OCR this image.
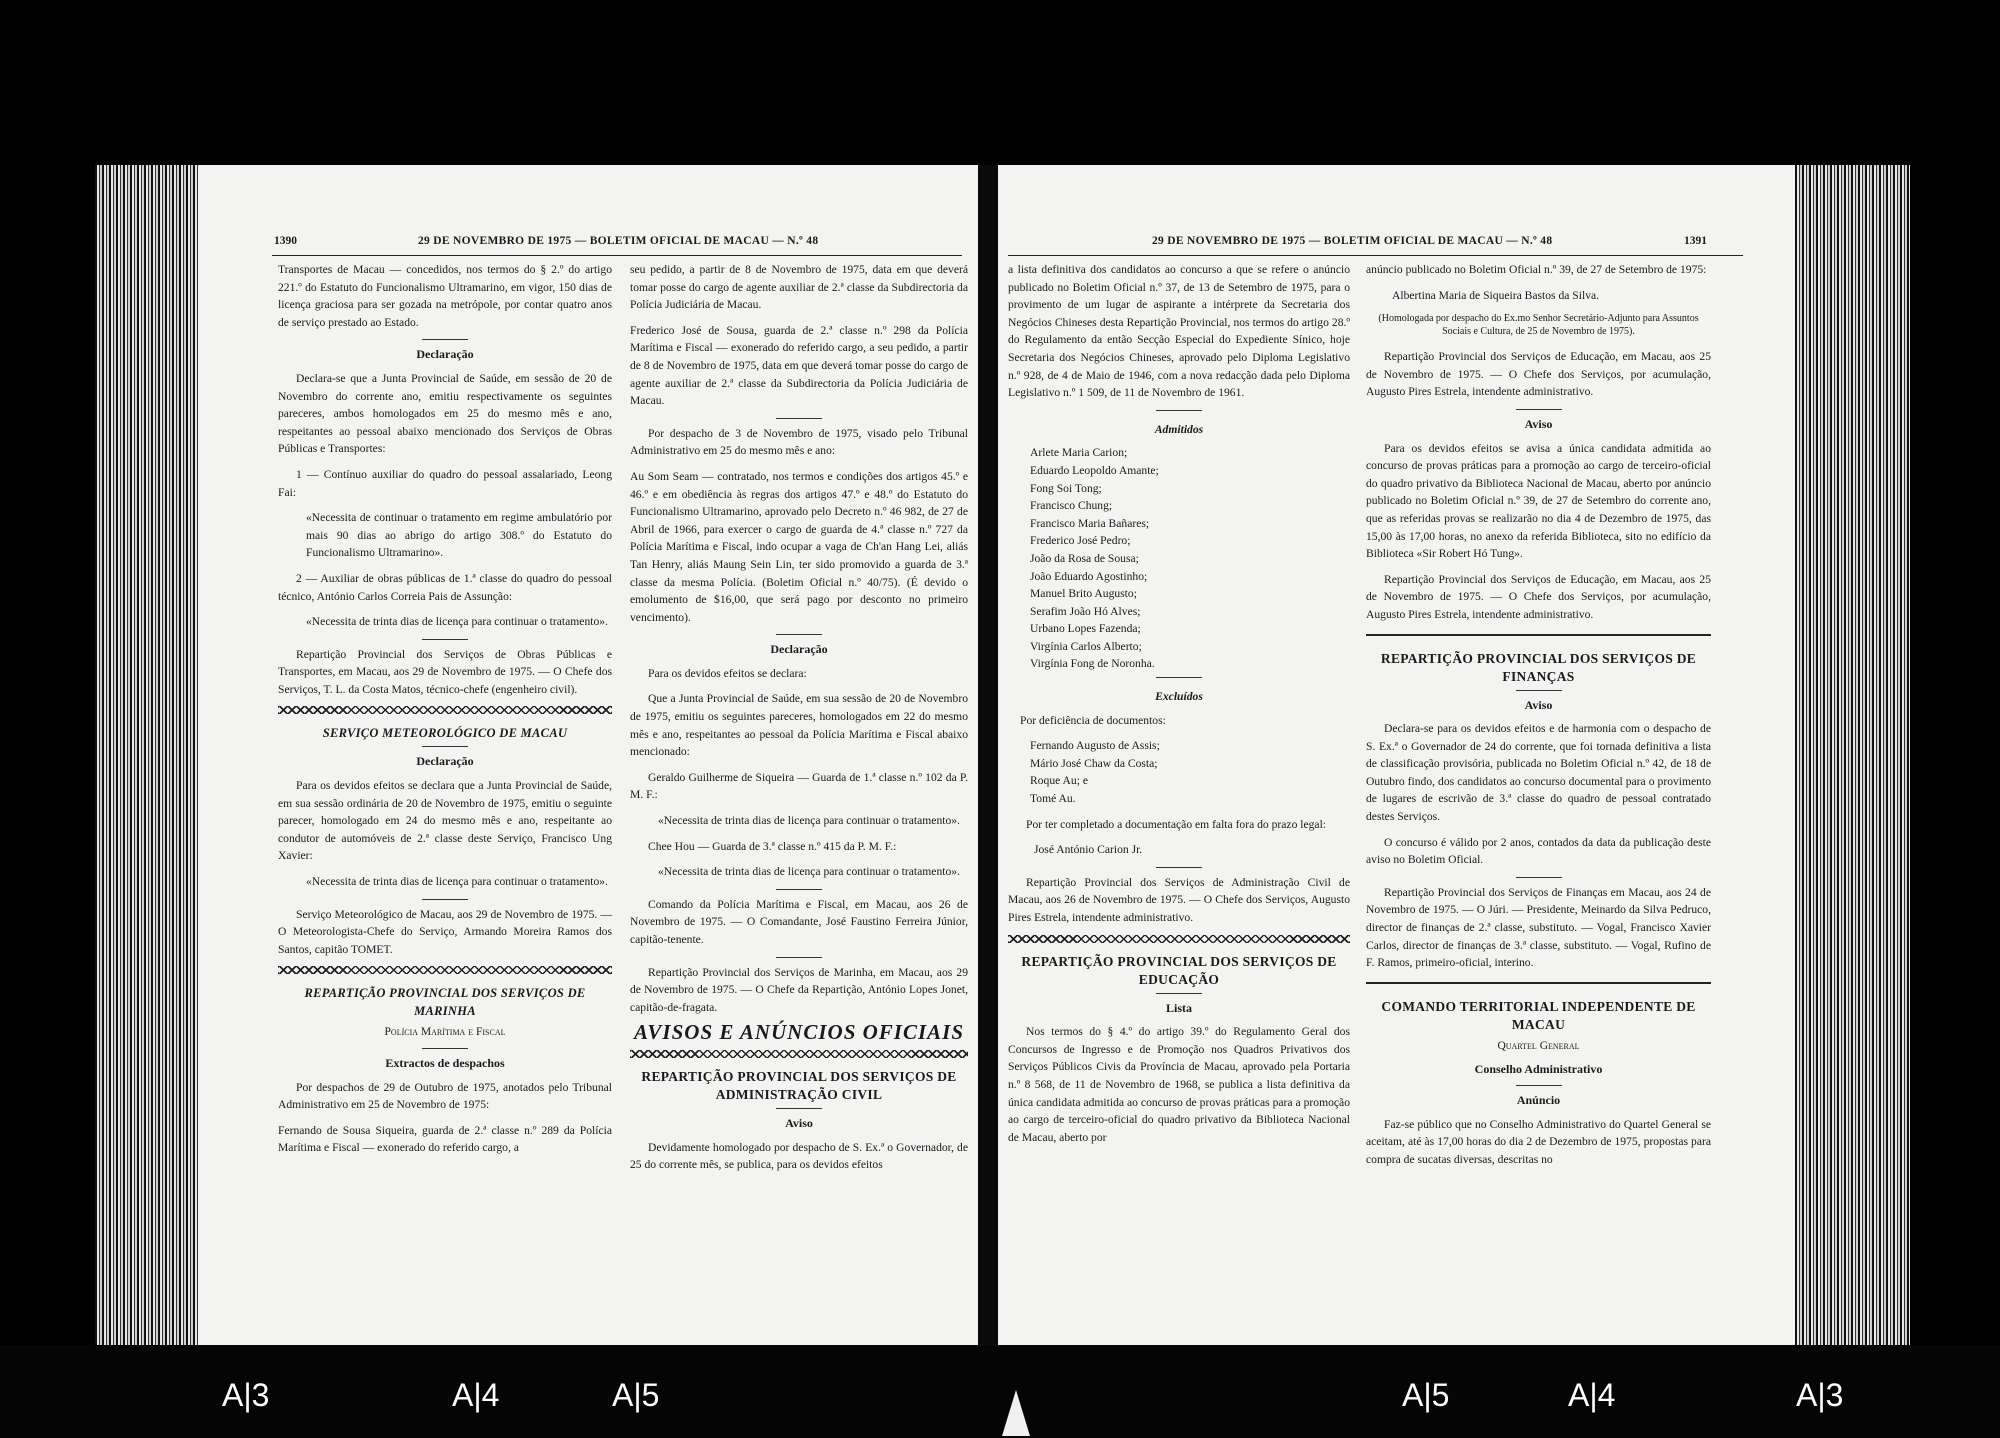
1390	29 DE NOVEMBRO DE 1975 — BOLETIM OFICIAL DE MACAU — N.º 48

Transportes de Macau — concedidos, nos termos do § 2.º do artigo 221.º do Estatuto do Funcionalismo Ultramarino, em vigor, 150 dias de licença graciosa para ser gozada na metrópole, por contar quatro anos de serviço prestado ao Estado.

Declaração

Declara-se que a Junta Provincial de Saúde, em sessão de 20 de Novembro do corrente ano, emitiu respectivamente os seguintes pareceres, ambos homologados em 25 do mesmo mês e ano, respeitantes ao pessoal abaixo mencionado dos Serviços de Obras Públicas e Transportes:

1 — Contínuo auxiliar do quadro do pessoal assalariado, Leong Fai:

«Necessita de continuar o tratamento em regime ambulatório por mais 90 dias ao abrigo do artigo 308.º do Estatuto do Funcionalismo Ultramarino».

2 — Auxiliar de obras públicas de 1.ª classe do quadro do pessoal técnico, António Carlos Correia Pais de Assunção:

«Necessita de trinta dias de licença para continuar o tratamento».

Repartição Provincial dos Serviços de Obras Públicas e Transportes, em Macau, aos 29 de Novembro de 1975. — O Chefe dos Serviços, T. L. da Costa Matos, técnico-chefe (engenheiro civil).

SERVIÇO METEOROLÓGICO DE MACAU
Declaração

Para os devidos efeitos se declara que a Junta Provincial de Saúde, em sua sessão ordinária de 20 de Novembro de 1975, emitiu o seguinte parecer, homologado em 24 do mesmo mês e ano, respeitante ao condutor de automóveis de 2.ª classe deste Serviço, Francisco Ung Xavier:

«Necessita de trinta dias de licença para continuar o tratamento».

Serviço Meteorológico de Macau, aos 29 de Novembro de 1975. — O Meteorologista-Chefe do Serviço, Armando Moreira Ramos dos Santos, capitão TOMET.

REPARTIÇÃO PROVINCIAL DOS SERVIÇOS DE MARINHA
Polícia Marítima e Fiscal
Extractos de despachos

Por despachos de 29 de Outubro de 1975, anotados pelo Tribunal Administrativo em 25 de Novembro de 1975:

Fernando de Sousa Siqueira, guarda de 2.ª classe n.º 289 da Polícia Marítima e Fiscal — exonerado do referido cargo, a

seu pedido, a partir de 8 de Novembro de 1975, data em que deverá tomar posse do cargo de agente auxiliar de 2.ª classe da Subdirectoria da Polícia Judiciária de Macau.

Frederico José de Sousa, guarda de 2.ª classe n.º 298 da Polícia Marítima e Fiscal — exonerado do referido cargo, a seu pedido, a partir de 8 de Novembro de 1975, data em que deverá tomar posse do cargo de agente auxiliar de 2.ª classe da Subdirectoria da Polícia Judiciária de Macau.

Por despacho de 3 de Novembro de 1975, visado pelo Tribunal Administrativo em 25 do mesmo mês e ano:

Au Som Seam — contratado, nos termos e condições dos artigos 45.º e 46.º e em obediência às regras dos artigos 47.º e 48.º do Estatuto do Funcionalismo Ultramarino, aprovado pelo Decreto n.º 46 982, de 27 de Abril de 1966, para exercer o cargo de guarda de 4.ª classe n.º 727 da Polícia Marítima e Fiscal, indo ocupar a vaga de Ch'an Hang Lei, aliás Tan Henry, aliás Maung Sein Lin, ter sido promovido a guarda de 3.ª classe da mesma Polícia. (Boletim Oficial n.º 40/75). (É devido o emolumento de $16,00, que será pago por desconto no primeiro vencimento).

Declaração

Para os devidos efeitos se declara:

Que a Junta Provincial de Saúde, em sua sessão de 20 de Novembro de 1975, emitiu os seguintes pareceres, homologados em 22 do mesmo mês e ano, respeitantes ao pessoal da Polícia Marítima e Fiscal abaixo mencionado:

Geraldo Guilherme de Siqueira — Guarda de 1.ª classe n.º 102 da P. M. F.:

«Necessita de trinta dias de licença para continuar o tratamento».

Chee Hou — Guarda de 3.ª classe n.º 415 da P. M. F.:

«Necessita de trinta dias de licença para continuar o tratamento».

Comando da Polícia Marítima e Fiscal, em Macau, aos 26 de Novembro de 1975. — O Comandante, José Faustino Ferreira Júnior, capitão-tenente.

Repartição Provincial dos Serviços de Marinha, em Macau, aos 29 de Novembro de 1975. — O Chefe da Repartição, António Lopes Jonet, capitão-de-fragata.

AVISOS E ANÚNCIOS OFICIAIS
REPARTIÇÃO PROVINCIAL DOS SERVIÇOS DE ADMINISTRAÇÃO CIVIL
Aviso

Devidamente homologado por despacho de S. Ex.ª o Governador, de 25 do corrente mês, se publica, para os devidos efeitos

29 DE NOVEMBRO DE 1975 — BOLETIM OFICIAL DE MACAU — N.º 48	1391

a lista definitiva dos candidatos ao concurso a que se refere o anúncio publicado no Boletim Oficial n.º 37, de 13 de Setembro de 1975, para o provimento de um lugar de aspirante a intérprete da Secretaria dos Negócios Chineses desta Repartição Provincial, nos termos do artigo 28.º do Regulamento da então Secção Especial do Expediente Sínico, hoje Secretaria dos Negócios Chineses, aprovado pelo Diploma Legislativo n.º 928, de 4 de Maio de 1946, com a nova redacção dada pelo Diploma Legislativo n.º 1 509, de 11 de Novembro de 1961.

Admitidos
Arlete Maria Carion;
Eduardo Leopoldo Amante;
Fong Soi Tong;
Francisco Chung;
Francisco Maria Bañares;
Frederico José Pedro;
João da Rosa de Sousa;
João Eduardo Agostinho;
Manuel Brito Augusto;
Serafim João Hó Alves;
Urbano Lopes Fazenda;
Virgínia Carlos Alberto;
Virgínia Fong de Noronha.
Excluídos

Por deficiência de documentos:

Fernando Augusto de Assis;
Mário José Chaw da Costa;
Roque Au; e
Tomé Au.

Por ter completado a documentação em falta fora do prazo legal:

José António Carion Jr.

Repartição Provincial dos Serviços de Administração Civil de Macau, aos 26 de Novembro de 1975. — O Chefe dos Serviços, Augusto Pires Estrela, intendente administrativo.

REPARTIÇÃO PROVINCIAL DOS SERVIÇOS DE EDUCAÇÃO
Lista

Nos termos do § 4.º do artigo 39.º do Regulamento Geral dos Concursos de Ingresso e de Promoção nos Quadros Privativos dos Serviços Públicos Civis da Província de Macau, aprovado pela Portaria n.º 8 568, de 11 de Novembro de 1968, se publica a lista definitiva da única candidata admitida ao concurso de provas práticas para a promoção ao cargo de terceiro-oficial do quadro privativo da Biblioteca Nacional de Macau, aberto por

anúncio publicado no Boletim Oficial n.º 39, de 27 de Setembro de 1975:

Albertina Maria de Siqueira Bastos da Silva.

(Homologada por despacho do Ex.mo Senhor Secretário-Adjunto para Assuntos Sociais e Cultura, de 25 de Novembro de 1975).

Repartição Provincial dos Serviços de Educação, em Macau, aos 25 de Novembro de 1975. — O Chefe dos Serviços, por acumulação, Augusto Pires Estrela, intendente administrativo.

Aviso

Para os devidos efeitos se avisa a única candidata admitida ao concurso de provas práticas para a promoção ao cargo de terceiro-oficial do quadro privativo da Biblioteca Nacional de Macau, aberto por anúncio publicado no Boletim Oficial n.º 39, de 27 de Setembro do corrente ano, que as referidas provas se realizarão no dia 4 de Dezembro de 1975, das 15,00 às 17,00 horas, no anexo da referida Biblioteca, sito no edifício da Biblioteca «Sir Robert Hó Tung».

Repartição Provincial dos Serviços de Educação, em Macau, aos 25 de Novembro de 1975. — O Chefe dos Serviços, por acumulação, Augusto Pires Estrela, intendente administrativo.

REPARTIÇÃO PROVINCIAL DOS SERVIÇOS DE FINANÇAS
Aviso

Declara-se para os devidos efeitos e de harmonia com o despacho de S. Ex.ª o Governador de 24 do corrente, que foi tornada definitiva a lista de classificação provisória, publicada no Boletim Oficial n.º 42, de 18 de Outubro findo, dos candidatos ao concurso documental para o provimento de lugares de escrivão de 3.ª classe do quadro de pessoal contratado destes Serviços.

O concurso é válido por 2 anos, contados da data da publicação deste aviso no Boletim Oficial.

Repartição Provincial dos Serviços de Finanças em Macau, aos 24 de Novembro de 1975. — O Júri. — Presidente, Meinardo da Silva Pedruco, director de finanças de 2.ª classe, substituto. — Vogal, Francisco Xavier Carlos, director de finanças de 3.ª classe, substituto. — Vogal, Rufino de F. Ramos, primeiro-oficial, interino.

COMANDO TERRITORIAL INDEPENDENTE DE MACAU
Quartel General
Conselho Administrativo
Anúncio

Faz-se público que no Conselho Administrativo do Quartel General se aceitam, até às 17,00 horas do dia 2 de Dezembro de 1975, propostas para compra de sucatas diversas, descritas no

A|3	A|4	A|5	A|5	A|4	A|3
